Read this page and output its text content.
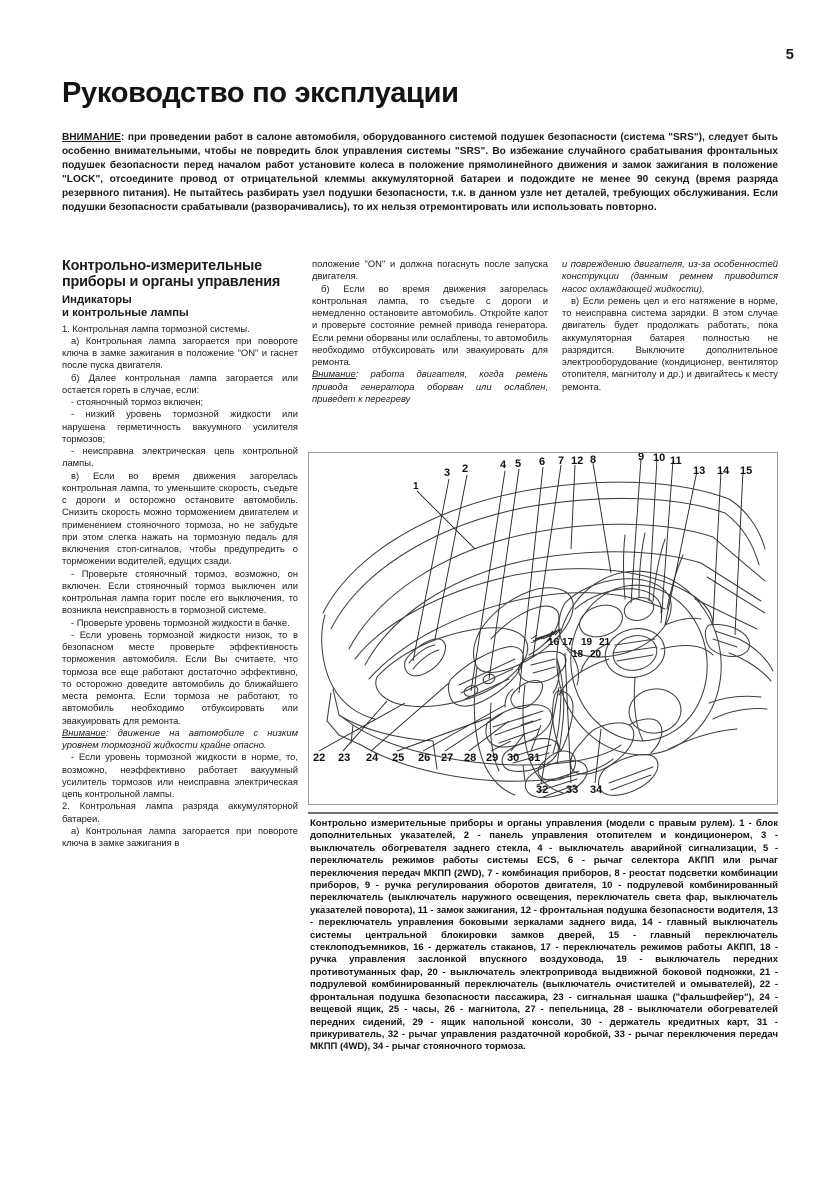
5
Руководство по эксплуации
ВНИМАНИЕ: при проведении работ в салоне автомобиля, оборудованного системой подушек безопасности (система "SRS"), следует быть особенно внимательными, чтобы не повредить блок управления системы "SRS". Во избежание случайного срабатывания фронтальных подушек безопасности перед началом работ установите колеса в положение прямолинейного движения и замок зажигания в положение "LOCK", отсоедините провод от отрицательной клеммы аккумуляторной батареи и подождите не менее 90 секунд (время разряда резервного питания). Не пытайтесь разбирать узел подушки безопасности, т.к. в данном узле нет деталей, требующих обслуживания. Если подушки безопасности срабатывали (разворачивались), то их нельзя отремонтировать или использовать повторно.
Контрольно-измерительные приборы и органы управления
Индикаторы
и контрольные лампы

1. Контрольная лампа тормозной системы.

а) Контрольная лампа загорается при повороте ключа в замке зажигания в положение "ON" и гаснет после пуска двигателя.

б) Далее контрольная лампа загорается или остается гореть в случае, если:

- стояночный тормоз включен;

- низкий уровень тормозной жидкости или нарушена герметичность вакуумного усилителя тормозов;

- неисправна электрическая цепь контрольной лампы.

в) Если во время движения загорелась контрольная лампа, то уменьшите скорость, съедьте с дороги и осторожно остановите автомобиль. Снизить скорость можно торможением двигателем и применением стояночного тормоза, но не забудьте при этом слегка нажать на тормозную педаль для включения стоп-сигналов, чтобы предупредить о торможении водителей, едущих сзади.

- Проверьте стояночный тормоз, возможно, он включен. Если стояночный тормоз выключен или контрольная лампа горит после его выключения, то возникла неисправность в тормозной системе.

- Проверьте уровень тормозной жидкости в бачке.

- Если уровень тормозной жидкости низок, то в безопасном месте проверьте эффективность торможения автомобиля. Если Вы считаете, что тормоза все еще работают достаточно эффективно, то осторожно доведите автомобиль до ближайшего места ремонта. Если тормоза не работают, то автомобиль необходимо отбуксировать или эвакуировать для ремонта.

Внимание: движение на автомобиле с низким уровнем тормозной жидкости крайне опасно.

- Если уровень тормозной жидкости в норме, то, возможно, неэффективно работает вакуумный усилитель тормозов или неисправна электрическая цепь контрольной лампы.

2. Контрольная лампа разряда аккумуляторной батареи.

а) Контрольная лампа загорается при повороте ключа в замке зажигания в

положение "ON" и должна погаснуть после запуска двигателя.

б) Если во время движения загорелась контрольная лампа, то съедьте с дороги и немедленно остановите автомобиль. Откройте капот и проверьте состояние ремней привода генератора. Если ремни оборваны или ослаблены, то автомобиль необходимо отбуксировать или эвакуировать для ремонта.

Внимание: работа двигателя, когда ремень привода генератора оборван или ослаблен, приведет к перегреву

и повреждению двигателя, из-за особенностей конструкции (данным ремнем приводится насос охлаждающей жидкости).

в) Если ремень цел и его натяжение в норме, то неисправна система зарядки. В этом случае двигатель будет продолжать работать, пока аккумуляторная батарея полностью не разрядится. Выключите дополнительное электрооборудование (кондиционер, вентилятор отопителя, магнитолу и др.) и двигайтесь к месту ремонта.

1
3 2	4 5 6 7 12 8	9 10 11
13 14 15
16 17 19 21
18 20
22 23 24 25 26 27 28 29 30 31
32 33 34
Контрольно измерительные приборы и органы управления (модели с правым рулем). 1 - блок дополнительных указателей, 2 - панель управления отопителем и кондиционером, 3 - выключатель обогревателя заднего стекла, 4 - выключатель аварийной сигнализации, 5 - переключатель режимов работы системы ECS, 6 - рычаг селектора АКПП или рычаг переключения передач МКПП (2WD), 7 - комбинация приборов, 8 - реостат подсветки комбинации приборов, 9 - ручка регулирования оборотов двигателя, 10 - подрулевой комбинированный переключатель (выключатель наружного освещения, переключатель света фар, выключатель указателей поворота), 11 - замок зажигания, 12 - фронтальная подушка безопасности водителя, 13 - переключатель управления боковыми зеркалами заднего вида, 14 - главный выключатель системы центральной блокировки замков дверей, 15 - главный переключатель стеклоподъемников, 16 - держатель стаканов, 17 - переключатель режимов работы АКПП, 18 - ручка управления заслонкой впускного воздуховода, 19 - выключатель передних противотуманных фар, 20 - выключатель электропривода выдвижной боковой подножки, 21 - подрулевой комбинированный переключатель (выключатель очистителей и омывателей), 22 - фронтальная подушка безопасности пассажира, 23 - сигнальная шашка ("фальшфейер"), 24 - вещевой ящик, 25 - часы, 26 - магнитола, 27 - пепельница, 28 - выключатели обогревателей передних сидений, 29 - ящик напольной консоли, 30 - держатель кредитных карт, 31 - прикуриватель, 32 - рычаг управления раздаточной коробкой, 33 - рычаг переключения передач МКПП (4WD), 34 - рычаг стояночного тормоза.
